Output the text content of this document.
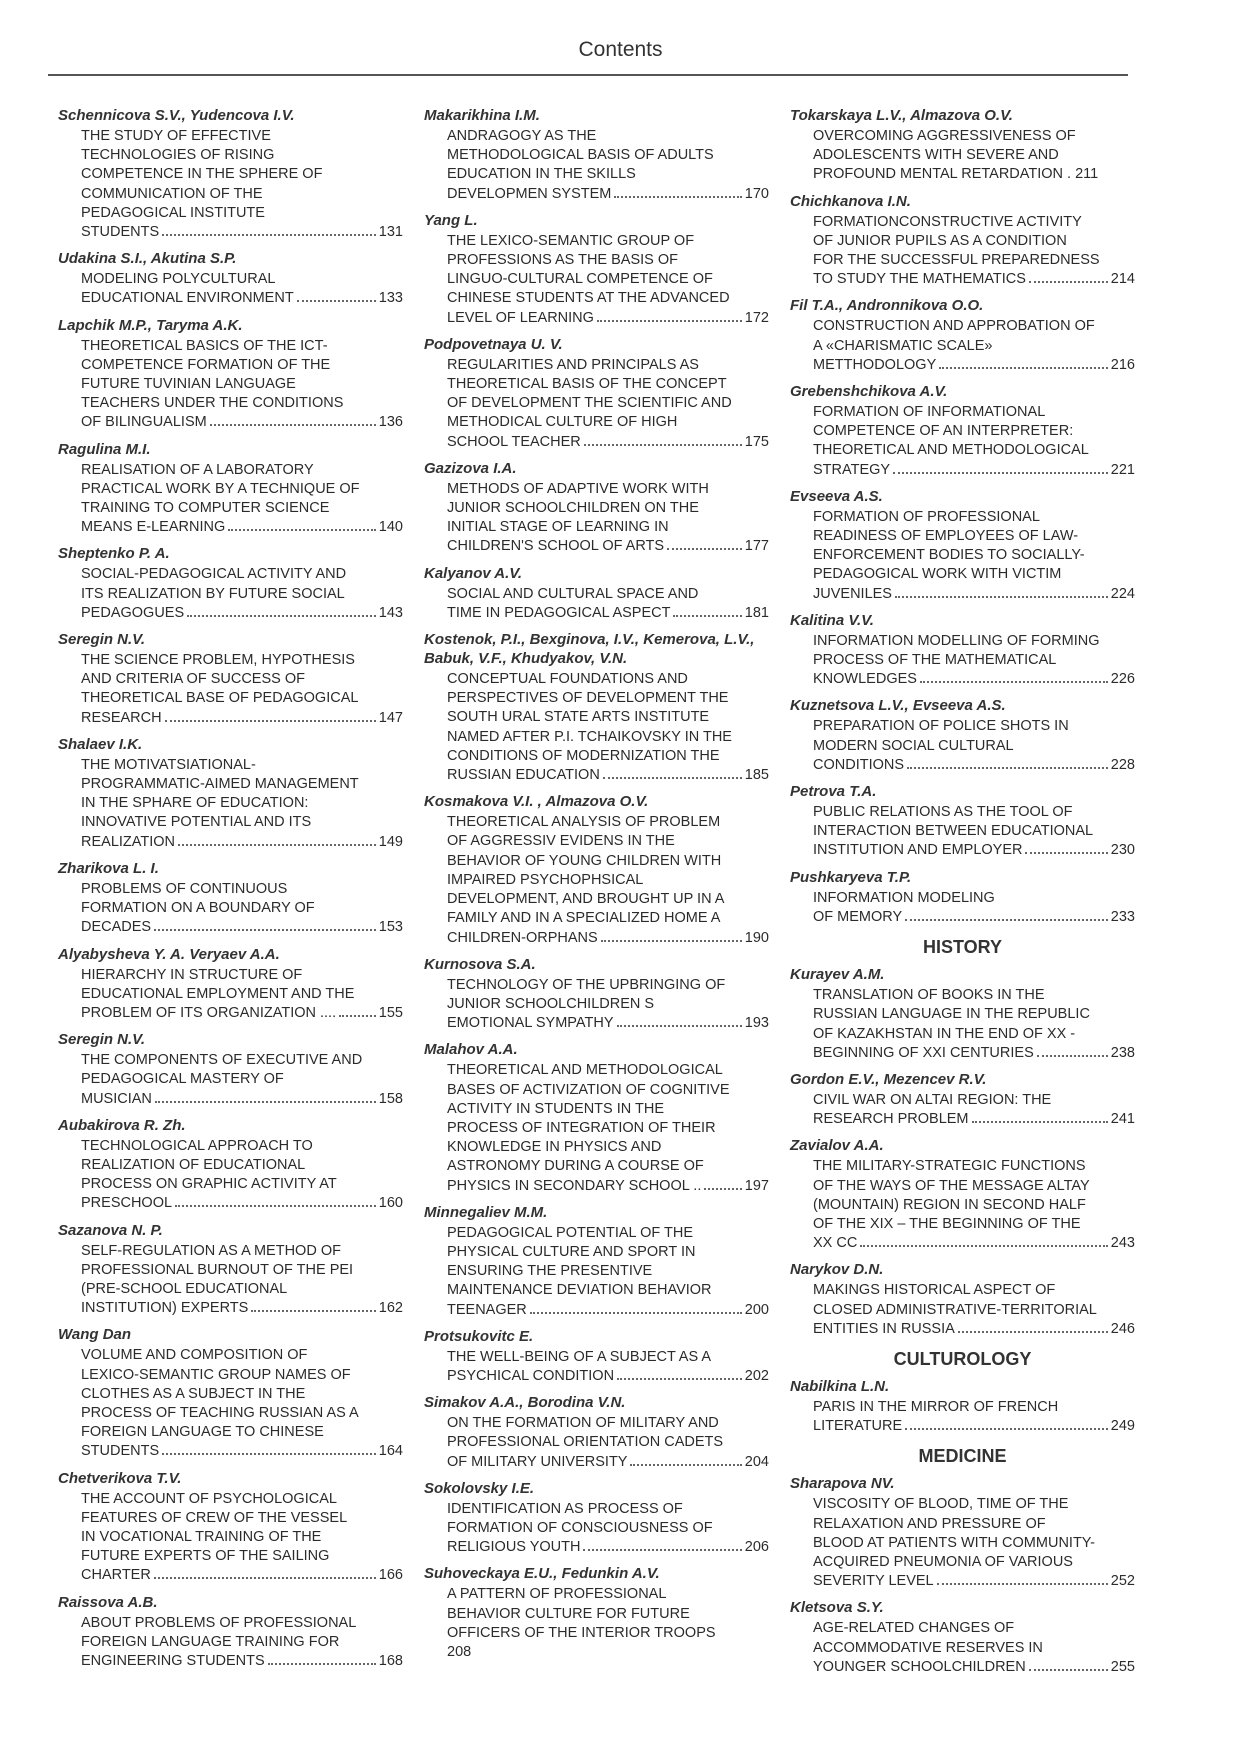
Contents
Schennicova S.V., Yudencova I.V.
THE STUDY OF EFFECTIVE
TECHNOLOGIES OF RISING
COMPETENCE IN THE SPHERE OF
COMMUNICATION OF THE
PEDAGOGICAL INSTITUTE
STUDENTS	131
Udakina S.I., Akutina S.P.
MODELING POLYCULTURAL
EDUCATIONAL ENVIRONMENT	133
Lapchik M.P., Taryma A.K.
THEORETICAL BASICS OF THE ICT-
COMPETENCE FORMATION OF THE
FUTURE TUVINIAN LANGUAGE
TEACHERS UNDER THE CONDITIONS
OF BILINGUALISM	136
Ragulina M.I.
REALISATION OF A LABORATORY
PRACTICAL WORK BY A TECHNIQUE OF
TRAINING TO COMPUTER SCIENCE
MEANS E-LEARNING	140
Sheptenko P. A.
SOCIAL-PEDAGOGICAL ACTIVITY AND
ITS REALIZATION BY FUTURE SOCIAL
PEDAGOGUES	143
Seregin N.V.
THE SCIENCE PROBLEM, HYPOTHESIS
AND CRITERIA OF SUCCESS OF
THEORETICAL BASE OF PEDAGOGICAL
RESEARCH	147
Shalaev I.K.
THE MOTIVATSIATIONAL-
PROGRAMMATIC-AIMED MANAGEMENT
IN THE SPHARE OF EDUCATION:
INNOVATIVE POTENTIAL AND ITS
REALIZATION	149
Zharikova L. I.
PROBLEMS OF CONTINUOUS
FORMATION ON A BOUNDARY OF
DECADES	153
Alyabysheva Y. A. Veryaev A.A.
HIERARCHY IN STRUCTURE OF
EDUCATIONAL EMPLOYMENT AND THE
PROBLEM OF ITS ORGANIZATION ....	155
Seregin N.V.
THE COMPONENTS OF EXECUTIVE AND
PEDAGOGICAL MASTERY OF
MUSICIAN	158
Aubakirova R. Zh.
TECHNOLOGICAL APPROACH TO
REALIZATION OF EDUCATIONAL
PROCESS ON GRAPHIC ACTIVITY AT
PRESCHOOL	160
Sazanova N. P.
SELF-REGULATION AS A METHOD OF
PROFESSIONAL BURNOUT OF THE PEI
(PRE-SCHOOL EDUCATIONAL
INSTITUTION) EXPERTS	162
Wang Dan
VOLUME AND COMPOSITION OF
LEXICO-SEMANTIC GROUP NAMES OF
CLOTHES AS A SUBJECT IN THE
PROCESS OF TEACHING RUSSIAN AS A
FOREIGN LANGUAGE TO CHINESE
STUDENTS	164
Chetverikova T.V.
THE ACCOUNT OF PSYCHOLOGICAL
FEATURES OF CREW OF THE VESSEL
IN VOCATIONAL TRAINING OF THE
FUTURE EXPERTS OF THE SAILING
CHARTER	166
Raissova A.B.
ABOUT PROBLEMS OF PROFESSIONAL
FOREIGN LANGUAGE TRAINING FOR
ENGINEERING STUDENTS	168
Makarikhina I.M.
ANDRAGOGY AS THE
METHODOLOGICAL BASIS OF ADULTS
EDUCATION IN THE SKILLS
DEVELOPMEN SYSTEM	170
Yang L.
THE LEXICO-SEMANTIC GROUP OF
PROFESSIONS AS THE BASIS OF
LINGUO-CULTURAL COMPETENCE OF
CHINESE STUDENTS AT THE ADVANCED
LEVEL OF LEARNING	172
Podpovetnaya U. V.
REGULARITIES AND PRINCIPALS AS
THEORETICAL BASIS OF THE CONCEPT
OF DEVELOPMENT THE SCIENTIFIC AND
METHODICAL CULTURE OF HIGH
SCHOOL TEACHER	175
Gazizova I.A.
METHODS OF ADAPTIVE WORK WITH
JUNIOR SCHOOLCHILDREN ON THE
INITIAL STAGE OF LEARNING IN
CHILDREN'S SCHOOL OF ARTS	177
Kalyanov A.V.
SOCIAL AND CULTURAL SPACE AND
TIME IN PEDAGOGICAL ASPECT	181
Kostenok, P.I., Bexginova, I.V., Kemerova, L.V., Babuk, V.F., Khudyakov, V.N.
CONCEPTUAL FOUNDATIONS AND
PERSPECTIVES OF DEVELOPMENT THE
SOUTH URAL STATE ARTS INSTITUTE
NAMED AFTER P.I. TCHAIKOVSKY IN THE
CONDITIONS OF MODERNIZATION THE
RUSSIAN EDUCATION	185
Kosmakova V.I. , Almazova O.V.
THEORETICAL ANALYSIS OF PROBLEM
OF AGGRESSIV EVIDENS IN THE
BEHAVIOR OF YOUNG CHILDREN WITH
IMPAIRED PSYCHOPHSICAL
DEVELOPMENT, AND BROUGHT UP IN A
FAMILY AND IN A SPECIALIZED HOME A
CHILDREN-ORPHANS	190
Kurnosova S.A.
TECHNOLOGY OF THE UPBRINGING OF
JUNIOR SCHOOLCHILDREN S
EMOTIONAL SYMPATHY	193
Malahov A.A.
THEORETICAL AND METHODOLOGICAL
BASES OF ACTIVIZATION OF COGNITIVE
ACTIVITY IN STUDENTS IN THE
PROCESS OF INTEGRATION OF THEIR
KNOWLEDGE IN PHYSICS AND
ASTRONOMY DURING A COURSE OF
PHYSICS IN SECONDARY SCHOOL ..	197
Minnegaliev M.M.
PEDAGOGICAL POTENTIAL OF THE
PHYSICAL CULTURE AND SPORT IN
ENSURING THE PRESENTIVE
MAINTENANCE DEVIATION BEHAVIOR
TEENAGER	200
Protsukovitc E.
THE WELL-BEING OF A SUBJECT AS A
PSYCHICAL CONDITION	202
Simakov A.A., Borodina V.N.
ON THE FORMATION OF MILITARY AND
PROFESSIONAL ORIENTATION CADETS
OF MILITARY UNIVERSITY	204
Sokolovsky I.E.
IDENTIFICATION AS PROCESS OF
FORMATION OF CONSCIOUSNESS OF
RELIGIOUS YOUTH	206
Suhoveckaya E.U., Fedunkin A.V.
A PATTERN OF PROFESSIONAL
BEHAVIOR CULTURE FOR FUTURE
OFFICERS OF THE INTERIOR TROOPS
208
Tokarskaya L.V., Almazova O.V.
OVERCOMING AGGRESSIVENESS OF
ADOLESCENTS WITH SEVERE AND
PROFOUND MENTAL RETARDATION . 211
Chichkanova I.N.
FORMATIONCONSTRUCTIVE ACTIVITY
OF JUNIOR PUPILS AS A CONDITION
FOR THE SUCCESSFUL PREPAREDNESS
TO STUDY THE MATHEMATICS	214
Fil T.A., Andronnikova O.O.
CONSTRUCTION AND APPROBATION OF
A «CHARISMATIC SCALE»
METTHODOLOGY	216
Grebenshchikova A.V.
FORMATION OF INFORMATIONAL
COMPETENCE OF AN INTERPRETER:
THEORETICAL AND METHODOLOGICAL
STRATEGY	221
Evseeva A.S.
FORMATION OF PROFESSIONAL
READINESS OF EMPLOYEES OF LAW-
ENFORCEMENT BODIES TO SOCIALLY-
PEDAGOGICAL WORK WITH VICTIM
JUVENILES	224
Kalitina V.V.
INFORMATION MODELLING OF FORMING
PROCESS OF THE MATHEMATICAL
KNOWLEDGES	226
Kuznetsova L.V., Evseeva A.S.
PREPARATION OF POLICE SHOTS IN
MODERN SOCIAL CULTURAL
CONDITIONS	228
Petrova T.A.
PUBLIC RELATIONS AS THE TOOL OF
INTERACTION BETWEEN EDUCATIONAL
INSTITUTION AND EMPLOYER	230
Pushkaryeva T.P.
INFORMATION MODELING
OF MEMORY	233
HISTORY
Kurayev A.M.
TRANSLATION OF BOOKS IN THE
RUSSIAN LANGUAGE IN THE REPUBLIC
OF KAZAKHSTAN IN THE END OF XX -
BEGINNING OF XXI CENTURIES	238
Gordon E.V., Mezencev R.V.
CIVIL WAR ON ALTAI REGION: THE
RESEARCH PROBLEM	241
Zavialov A.A.
THE MILITARY-STRATEGIC FUNCTIONS
OF THE WAYS OF THE MESSAGE ALTAY
(MOUNTAIN) REGION IN SECOND HALF
OF THE XIX – THE BEGINNING OF THE
XX CC	243
Narykov D.N.
MAKINGS HISTORICAL ASPECT OF
CLOSED ADMINISTRATIVE-TERRITORIAL
ENTITIES IN RUSSIA	246
CULTUROLOGY
Nabilkina L.N.
PARIS IN THE MIRROR OF FRENCH
LITERATURE	249
MEDICINE
Sharapova NV.
VISCOSITY OF BLOOD, TIME OF THE
RELAXATION AND PRESSURE OF
BLOOD AT PATIENTS WITH COMMUNITY-
ACQUIRED PNEUMONIA OF VARIOUS
SEVERITY LEVEL	252
Kletsova S.Y.
AGE-RELATED CHANGES OF
ACCOMMODATIVE RESERVES IN
YOUNGER SCHOOLCHILDREN	255
